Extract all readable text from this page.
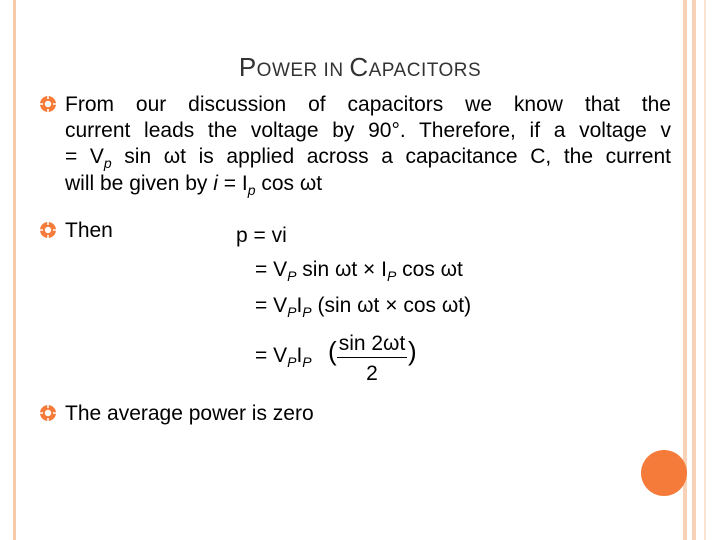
POWER IN CAPACITORS
From our discussion of capacitors we know that the
current leads the voltage by 90°. Therefore, if a voltage v
= $V_p$ sin ωt is applied across a capacitance C, the current
will be given by $i = I_p$ cos ωt
Then	p = vi
= $V_P$ $\sin \omega t \times I_P$ cos ωt
= $V_PI_P$ (sin ωt × cos ωt)
= $V_PI_P$ ( sin 2ωt
2
)
The average power is zero
